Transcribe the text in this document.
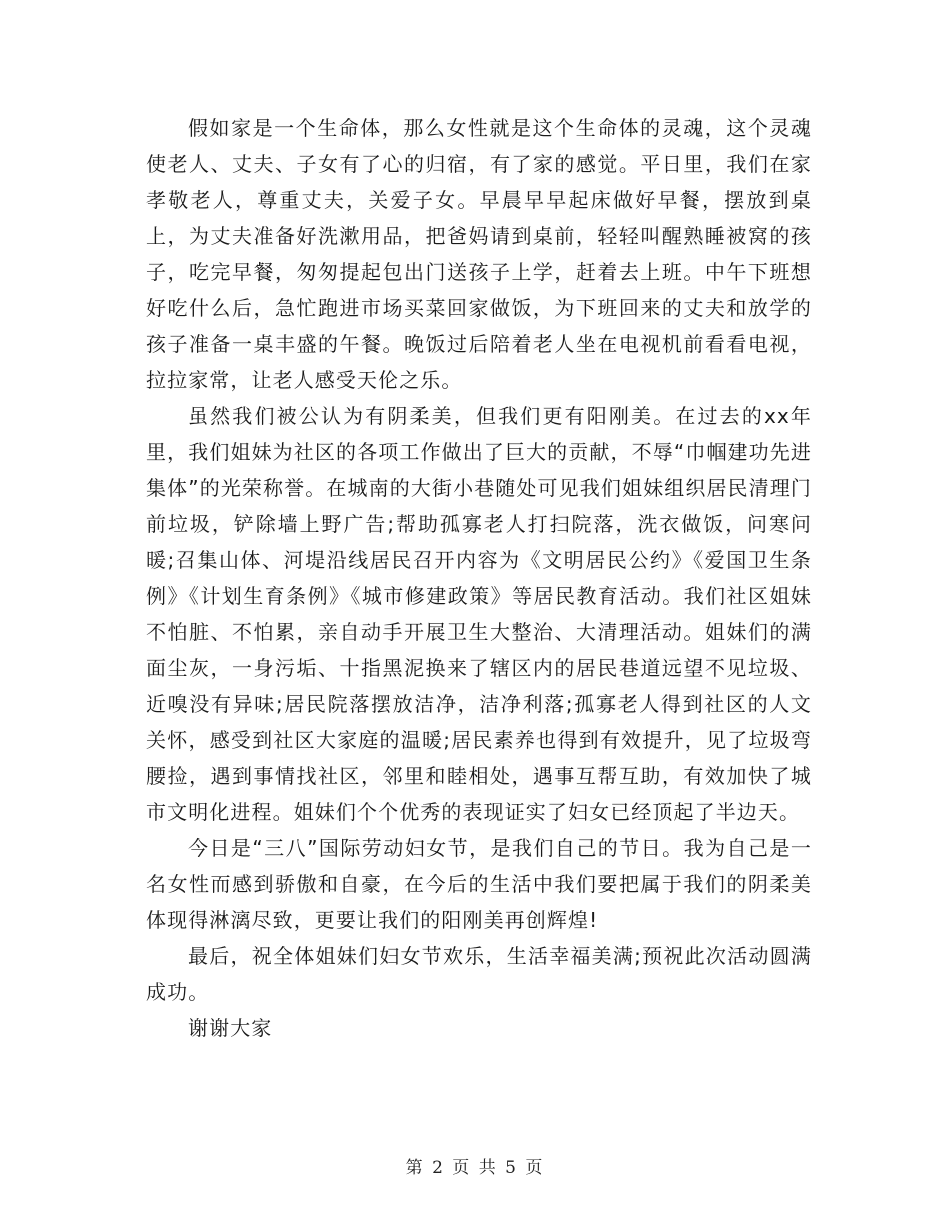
假如家是一个生命体，那么女性就是这个生命体的灵魂，这个灵魂使老人、丈夫、子女有了心的归宿，有了家的感觉。平日里，我们在家孝敬老人，尊重丈夫，关爱子女。早晨早早起床做好早餐，摆放到桌上，为丈夫准备好洗漱用品，把爸妈请到桌前，轻轻叫醒熟睡被窝的孩子，吃完早餐，匆匆提起包出门送孩子上学，赶着去上班。中午下班想好吃什么后，急忙跑进市场买菜回家做饭，为下班回来的丈夫和放学的孩子准备一桌丰盛的午餐。晚饭过后陪着老人坐在电视机前看看电视，拉拉家常，让老人感受天伦之乐。

虽然我们被公认为有阴柔美，但我们更有阳刚美。在过去的xx年里，我们姐妹为社区的各项工作做出了巨大的贡献，不辱“巾帼建功先进集体”的光荣称誉。在城南的大街小巷随处可见我们姐妹组织居民清理门前垃圾，铲除墙上野广告;帮助孤寡老人打扫院落，洗衣做饭，问寒问暖;召集山体、河堤沿线居民召开内容为《文明居民公约》《爱国卫生条例》《计划生育条例》《城市修建政策》等居民教育活动。我们社区姐妹不怕脏、不怕累，亲自动手开展卫生大整治、大清理活动。姐妹们的满面尘灰，一身污垢、十指黑泥换来了辖区内的居民巷道远望不见垃圾、近嗅没有异味;居民院落摆放洁净，洁净利落;孤寡老人得到社区的人文关怀，感受到社区大家庭的温暖;居民素养也得到有效提升，见了垃圾弯腰捡，遇到事情找社区，邻里和睦相处，遇事互帮互助，有效加快了城市文明化进程。姐妹们个个优秀的表现证实了妇女已经顶起了半边天。

今日是“三八”国际劳动妇女节，是我们自己的节日。我为自己是一名女性而感到骄傲和自豪，在今后的生活中我们要把属于我们的阴柔美体现得淋漓尽致，更要让我们的阳刚美再创辉煌!

最后，祝全体姐妹们妇女节欢乐，生活幸福美满;预祝此次活动圆满成功。

谢谢大家

第 2 页 共 5 页
